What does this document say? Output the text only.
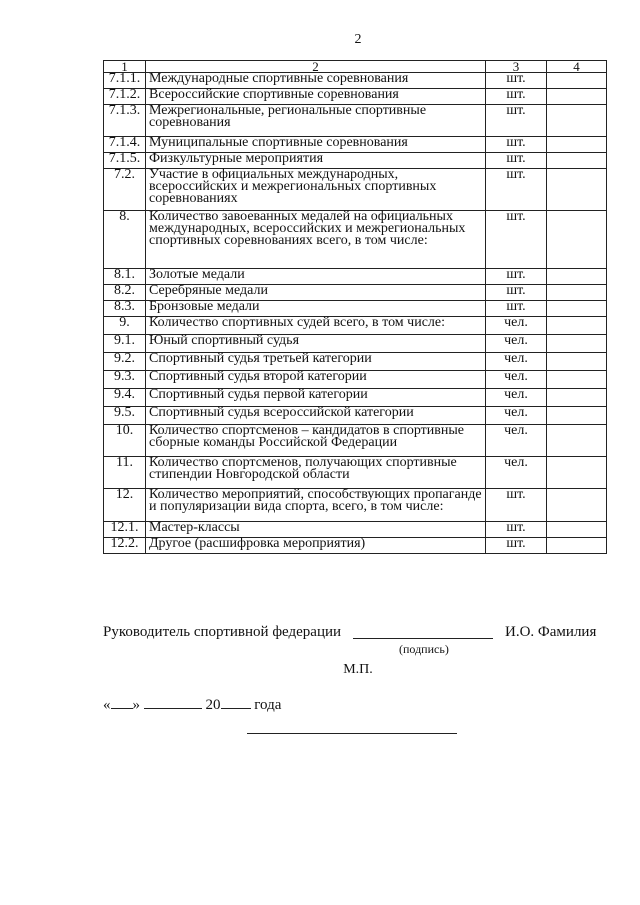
2
1	2	3	4
7.1.1.	Международные спортивные соревнования	шт.	
7.1.2.	Всероссийские спортивные соревнования	шт.	
7.1.3.	Межрегиональные, региональные спортивные соревнования	шт.	
7.1.4.	Муниципальные спортивные соревнования	шт.	
7.1.5.	Физкультурные мероприятия	шт.	
7.2.	Участие в официальных международных, всероссийских и межрегиональных спортивных соревнованиях	шт.	
8.	Количество завоеванных медалей на официальных международных, всероссийских и межрегиональных спортивных соревнованиях всего, в том числе:	шт.	
8.1.	Золотые медали	шт.	
8.2.	Серебряные медали	шт.	
8.3.	Бронзовые медали	шт.	
9.	Количество спортивных судей всего, в том числе:	чел.	
9.1.	Юный спортивный судья	чел.	
9.2.	Спортивный судья третьей категории	чел.	
9.3.	Спортивный судья второй категории	чел.	
9.4.	Спортивный судья первой категории	чел.	
9.5.	Спортивный судья всероссийской категории	чел.	
10.	Количество спортсменов – кандидатов в спортивные сборные команды Российской Федерации	чел.	
11.	Количество спортсменов, получающих спортивные стипендии Новгородской области	чел.	
12.	Количество мероприятий, способствующих пропаганде и популяризации вида спорта, всего, в том числе:	шт.	
12.1.	Мастер-классы	шт.	
12.2.	Другое (расшифровка мероприятия)	шт.	
Руководитель спортивной федерации	И.О. Фамилия
(подпись)
М.П.
« »	20 года
